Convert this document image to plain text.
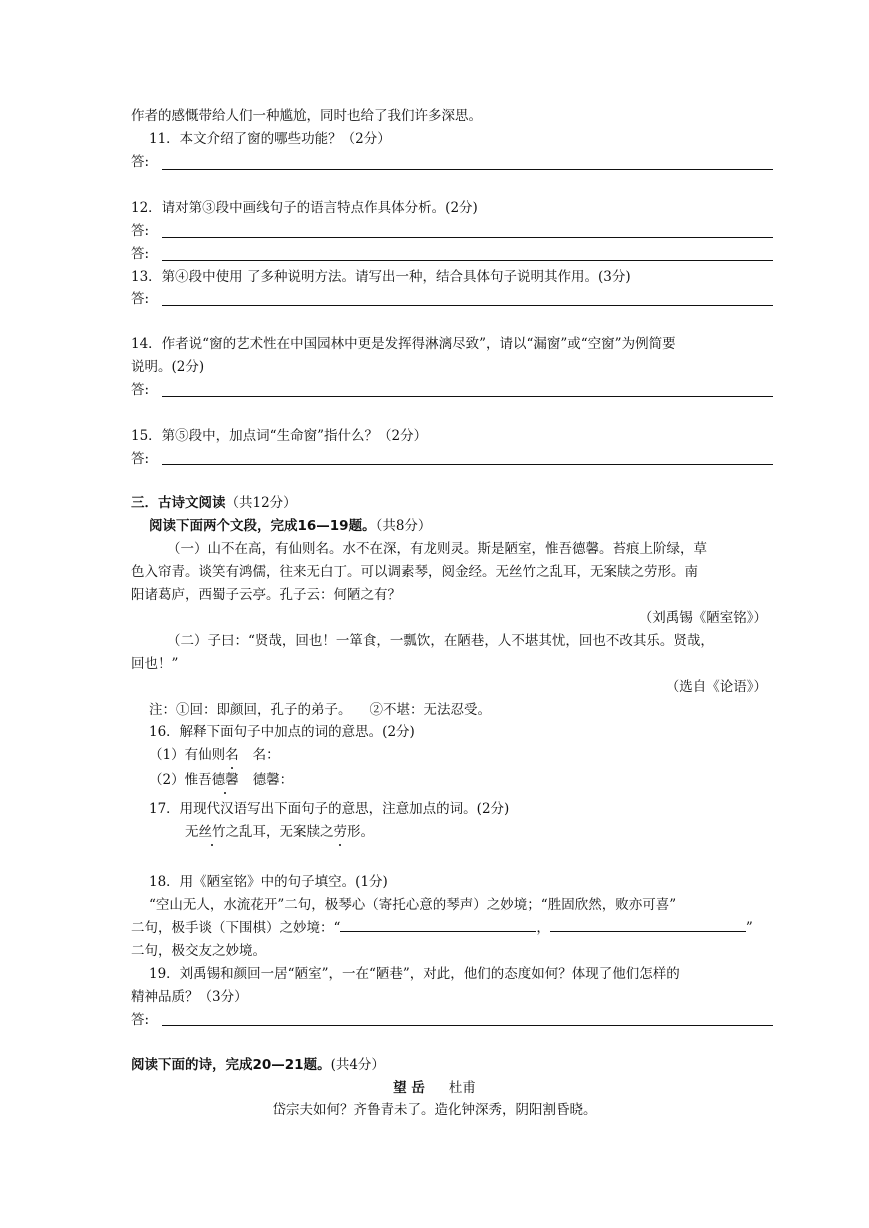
作者的感慨带给人们一种尴尬，同时也给了我们许多深思。
11．本文介绍了窗的哪些功能？（2分）
答:
12．请对第③段中画线句子的语言特点作具体分析。(2分)
答:
答:
13．第④段中使用 了多种说明方法。请写出一种，结合具体句子说明其作用。(3分)
答:
14．作者说“窗的艺术性在中国园林中更是发挥得淋漓尽致”，请以“漏窗”或“空窗”为例简要
说明。(2分)
答:
15．第⑤段中，加点词“生命窗”指什么？（2分）
答:
三．古诗文阅读（共12分）
阅读下面两个文段，完成16—19题。（共8分）
（一）山不在高，有仙则名。水不在深，有龙则灵。斯是陋室，惟吾德馨。苔痕上阶绿，草
色入帘青。谈笑有鸿儒，往来无白丁。可以调素琴，阅金经。无丝竹之乱耳，无案牍之劳形。南
阳诸葛庐，西蜀子云亭。孔子云：何陋之有？
（刘禹锡《陋室铭》）
（二）子曰：“贤哉，回也！一箪食，一瓢饮，在陋巷，人不堪其忧，回也不改其乐。贤哉，
回也！”
（选自《论语》）
注：①回：即颜回，孔子的弟子。 ②不堪：无法忍受。
16．解释下面句子中加点的词的意思。(2分)
（1）有仙则名 名：
（2）惟吾德馨 德馨：
17．用现代汉语写出下面句子的意思，注意加点的词。(2分)
无丝竹之乱耳，无案牍之劳形。
18．用《陋室铭》中的句子填空。(1分)
“空山无人，水流花开”二句，极琴心（寄托心意的琴声）之妙境；“胜固欣然，败亦可喜”
二句，极手谈（下围棋）之妙境：“	，	”
二句，极交友之妙境。
19．刘禹锡和颜回一居“陋室”，一在“陋巷”，对此，他们的态度如何？体现了他们怎样的
精神品质？（3分）
答:
阅读下面的诗，完成20—21题。(共4分）
望 岳 杜甫
岱宗夫如何？齐鲁青未了。造化钟深秀，阴阳割昏晓。
